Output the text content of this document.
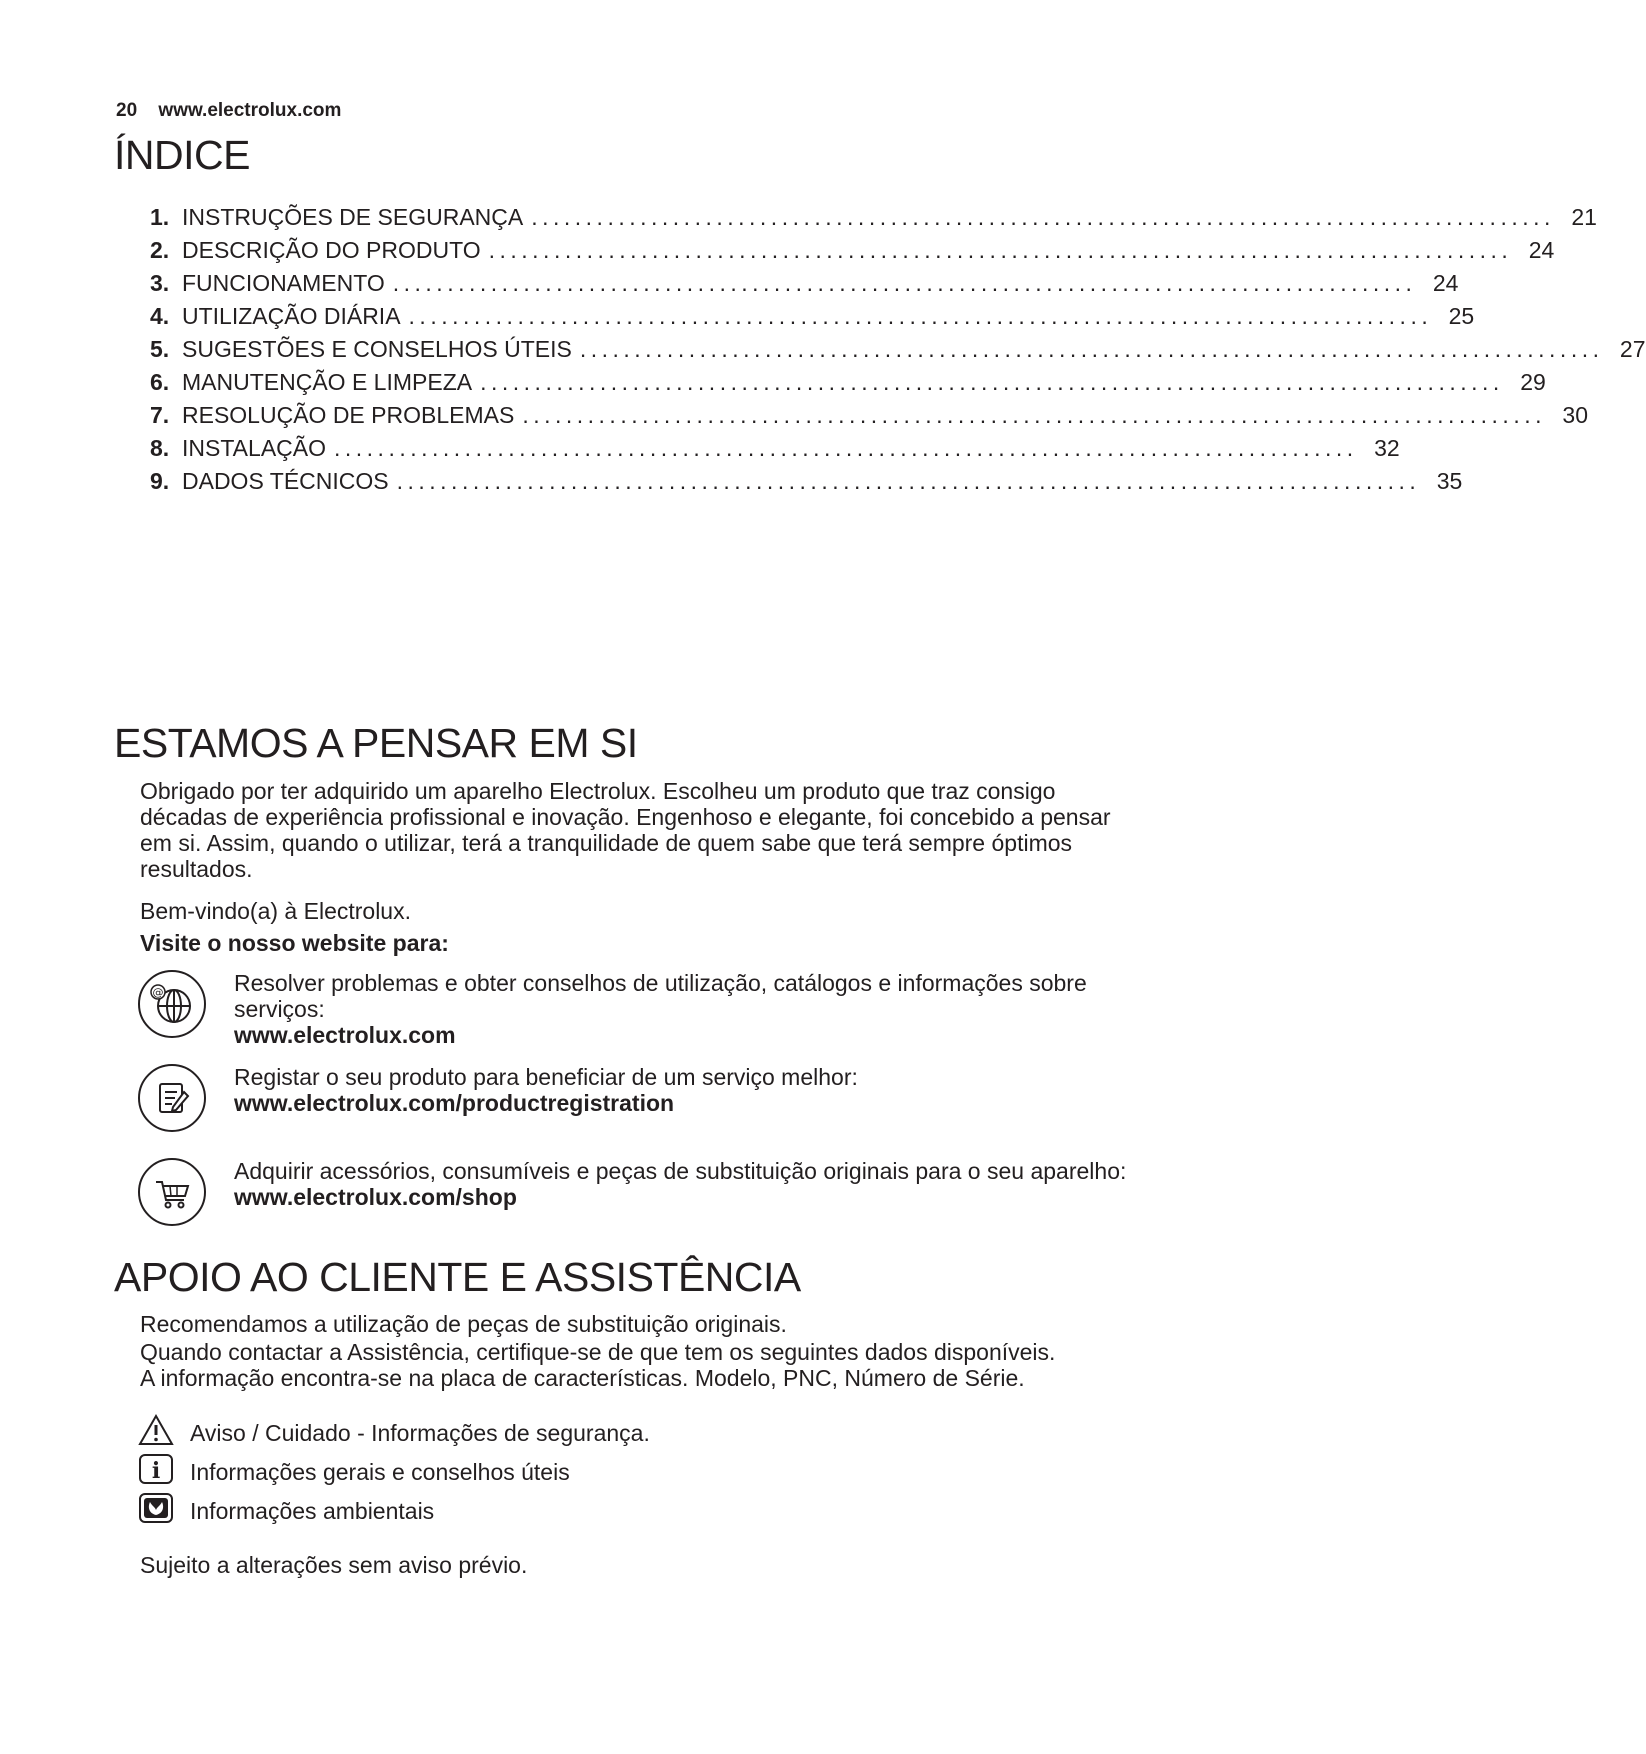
20 www.electrolux.com
ÍNDICE
1. INSTRUÇÕES DE SEGURANÇA .............................................................................................. 21
2. DESCRIÇÃO DO PRODUTO .............................................................................................. 24
3. FUNCIONAMENTO .............................................................................................. 24
4. UTILIZAÇÃO DIÁRIA .............................................................................................. 25
5. SUGESTÕES E CONSELHOS ÚTEIS .............................................................................................. 27
6. MANUTENÇÃO E LIMPEZA .............................................................................................. 29
7. RESOLUÇÃO DE PROBLEMAS .............................................................................................. 30
8. INSTALAÇÃO .............................................................................................. 32
9. DADOS TÉCNICOS .............................................................................................. 35
ESTAMOS A PENSAR EM SI

Obrigado por ter adquirido um aparelho Electrolux. Escolheu um produto que traz consigo décadas de experiência profissional e inovação. Engenhoso e elegante, foi concebido a pensar em si. Assim, quando o utilizar, terá a tranquilidade de quem sabe que terá sempre óptimos resultados.

Bem-vindo(a) à Electrolux.

Visite o nosso website para:

@	Resolver problemas e obter conselhos de utilização, catálogos e informações sobre serviços:
www.electrolux.com
Registar o seu produto para beneficiar de um serviço melhor:
www.electrolux.com/productregistration
Adquirir acessórios, consumíveis e peças de substituição originais para o seu aparelho:
www.electrolux.com/shop
APOIO AO CLIENTE E ASSISTÊNCIA

Recomendamos a utilização de peças de substituição originais.

Quando contactar a Assistência, certifique-se de que tem os seguintes dados disponíveis.

A informação encontra-se na placa de características. Modelo, PNC, Número de Série.

Aviso / Cuidado - Informações de segurança.
i Informações gerais e conselhos úteis
Informações ambientais

Sujeito a alterações sem aviso prévio.
